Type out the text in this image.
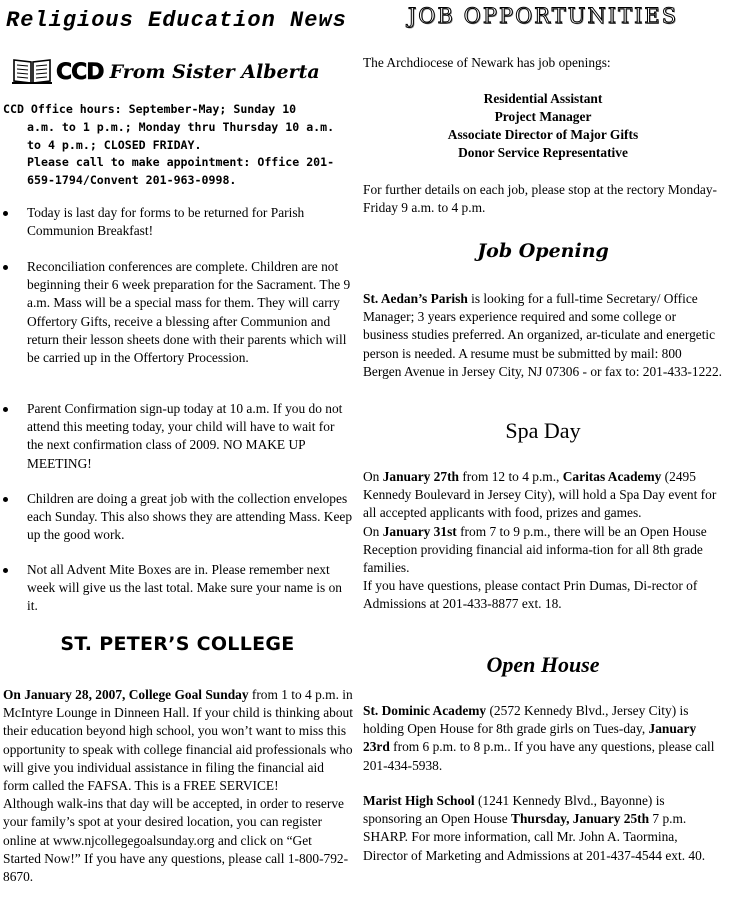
Religious Education News
CCD From Sister Alberta
CCD Office hours: September-May; Sunday 10
a.m. to 1 p.m.; Monday thru Thursday 10 a.m.
to 4 p.m.; CLOSED FRIDAY.
Please call to make appointment: Office 201-
659-1794/Convent 201-963-0998.
Today is last day for forms to be returned for Parish Communion Breakfast!
Reconciliation conferences are complete. Children are not beginning their 6 week preparation for the Sacrament. The 9 a.m. Mass will be a special mass for them. They will carry Offertory Gifts, receive a blessing after Communion and return their lesson sheets done with their parents which will be carried up in the Offertory Procession.
Parent Confirmation sign-up today at 10 a.m. If you do not attend this meeting today, your child will have to wait for the next confirmation class of 2009. NO MAKE UP MEETING!
Children are doing a great job with the collection envelopes each Sunday. This also shows they are attending Mass. Keep up the good work.
Not all Advent Mite Boxes are in. Please remember next week will give us the last total. Make sure your name is on it.
ST. PETER’S COLLEGE
On January 28, 2007, College Goal Sunday from 1 to 4 p.m. in McIntyre Lounge in Dinneen Hall. If your child is thinking about their education beyond high school, you won’t want to miss this opportunity to speak with college financial aid professionals who will give you individual assistance in filing the financial aid form called the FAFSA. This is a FREE SERVICE!
Although walk-ins that day will be accepted, in order to reserve your family’s spot at your desired location, you can register online at www.njcollegegoalsunday.org and click on “Get Started Now!” If you have any questions, please call 1-800-792-8670.
JOB OPPORTUNITIES
The Archdiocese of Newark has job openings:
Residential Assistant
Project Manager
Associate Director of Major Gifts
Donor Service Representative
For further details on each job, please stop at the rectory Monday-Friday 9 a.m. to 4 p.m.
Job Opening
St. Aedan’s Parish is looking for a full-time Secretary/ Office Manager; 3 years experience required and some college or business studies preferred. An organized, ar-ticulate and energetic person is needed. A resume must be submitted by mail: 800 Bergen Avenue in Jersey City, NJ 07306 - or fax to: 201-433-1222.
Spa Day
On January 27th from 12 to 4 p.m., Caritas Academy (2495 Kennedy Boulevard in Jersey City), will hold a Spa Day event for all accepted applicants with food, prizes and games.
On January 31st from 7 to 9 p.m., there will be an Open House Reception providing financial aid informa-tion for all 8th grade families.
If you have questions, please contact Prin Dumas, Di-rector of Admissions at 201-433-8877 ext. 18.
Open House
St. Dominic Academy (2572 Kennedy Blvd., Jersey City) is holding Open House for 8th grade girls on Tues-day, January 23rd from 6 p.m. to 8 p.m.. If you have any questions, please call 201-434-5938.
Marist High School (1241 Kennedy Blvd., Bayonne) is sponsoring an Open House Thursday, January 25th 7 p.m. SHARP. For more information, call Mr. John A. Taormina, Director of Marketing and Admissions at 201-437-4544 ext. 40.
